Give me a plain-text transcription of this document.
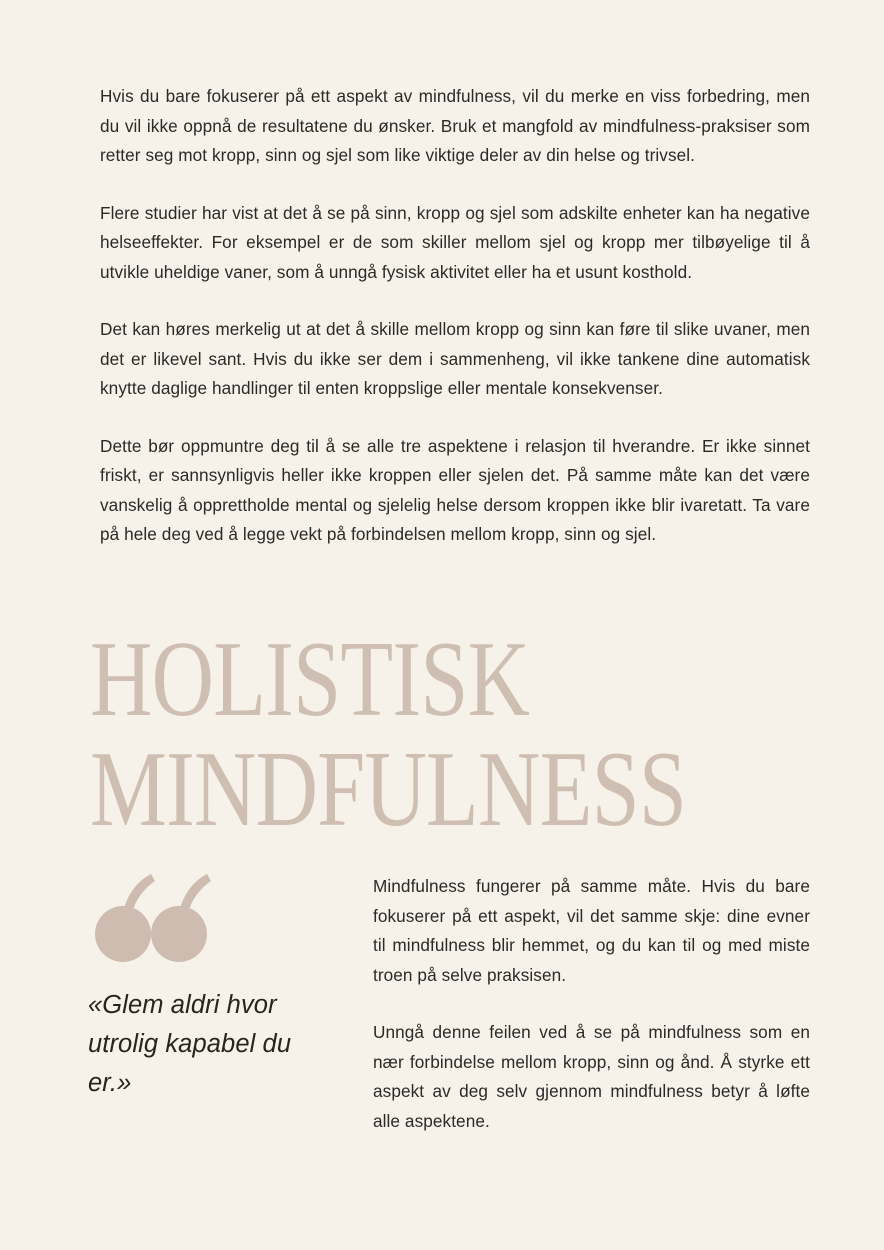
Hvis du bare fokuserer på ett aspekt av mindfulness, vil du merke en viss forbedring, men du vil ikke oppnå de resultatene du ønsker. Bruk et mangfold av mindfulness-praksiser som retter seg mot kropp, sinn og sjel som like viktige deler av din helse og trivsel.

Flere studier har vist at det å se på sinn, kropp og sjel som adskilte enheter kan ha negative helseeffekter. For eksempel er de som skiller mellom sjel og kropp mer tilbøyelige til å utvikle uheldige vaner, som å unngå fysisk aktivitet eller ha et usunt kosthold.

Det kan høres merkelig ut at det å skille mellom kropp og sinn kan føre til slike uvaner, men det er likevel sant. Hvis du ikke ser dem i sammenheng, vil ikke tankene dine automatisk knytte daglige handlinger til enten kroppslige eller mentale konsekvenser.

Dette bør oppmuntre deg til å se alle tre aspektene i relasjon til hverandre. Er ikke sinnet friskt, er sannsynligvis heller ikke kroppen eller sjelen det. På samme måte kan det være vanskelig å opprettholde mental og sjelelig helse dersom kroppen ikke blir ivaretatt. Ta vare på hele deg ved å legge vekt på forbindelsen mellom kropp, sinn og sjel.

HOLISTISK
MINDFULNESS

«Glem aldri hvor utrolig kapabel du er.»

Mindfulness fungerer på samme måte. Hvis du bare fokuserer på ett aspekt, vil det samme skje: dine evner til mindfulness blir hemmet, og du kan til og med miste troen på selve praksisen.

Unngå denne feilen ved å se på mindfulness som en nær forbindelse mellom kropp, sinn og ånd. Å styrke ett aspekt av deg selv gjennom mindfulness betyr å løfte alle aspektene.
